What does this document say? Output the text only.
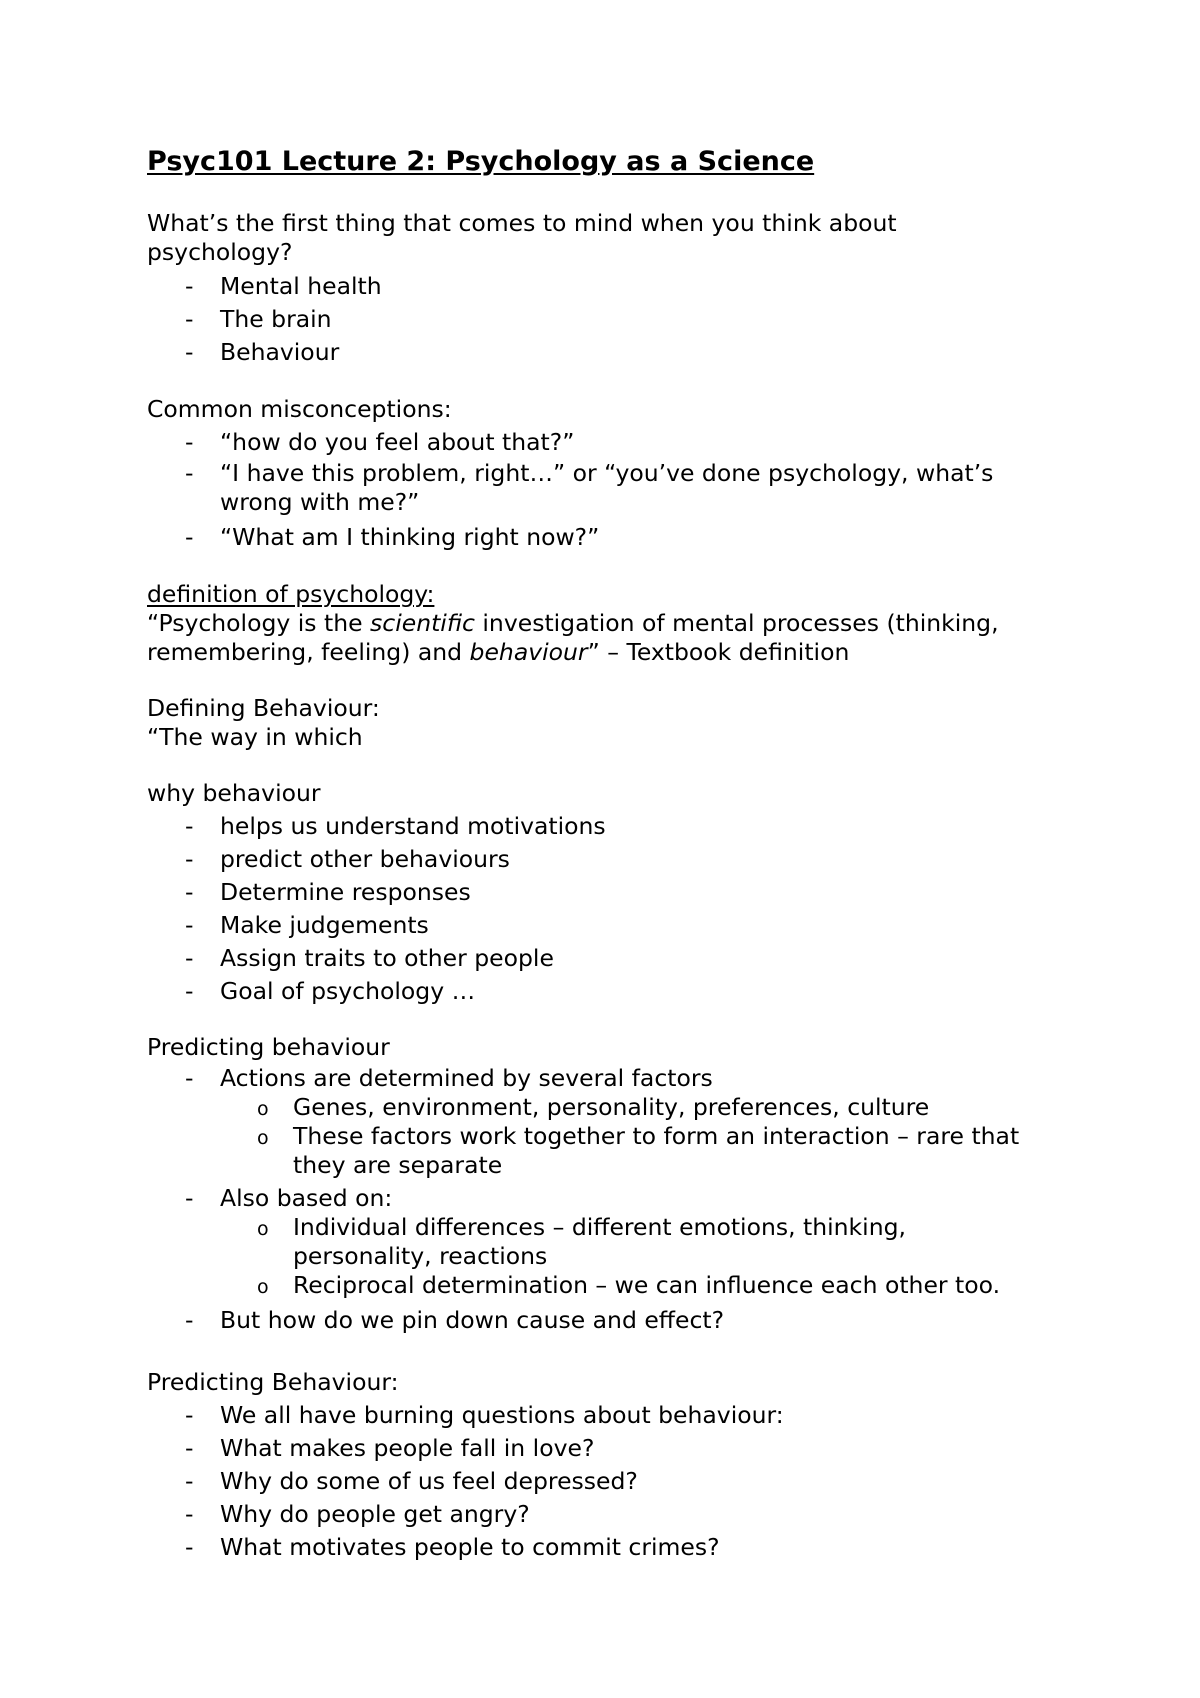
Psyc101 Lecture 2: Psychology as a Science

What’s the first thing that comes to mind when you think about psychology?

- Mental health
- The brain
- Behaviour

Common misconceptions:

- “how do you feel about that?”
- “I have this problem, right…” or “you’ve done psychology, what’s wrong with me?”
- “What am I thinking right now?”

definition of psychology:

“Psychology is the scientific investigation of mental processes (thinking, remembering, feeling) and behaviour” – Textbook definition

Defining Behaviour:

“The way in which

why behaviour

- helps us understand motivations
- predict other behaviours
- Determine responses
- Make judgements
- Assign traits to other people
- Goal of psychology …

Predicting behaviour

- Actions are determined by several factors
o Genes, environment, personality, preferences, culture
o These factors work together to form an interaction – rare that they are separate
- Also based on:
o Individual differences – different emotions, thinking, personality, reactions
o Reciprocal determination – we can influence each other too.
- But how do we pin down cause and effect?

Predicting Behaviour:

- We all have burning questions about behaviour:
- What makes people fall in love?
- Why do some of us feel depressed?
- Why do people get angry?
- What motivates people to commit crimes?
